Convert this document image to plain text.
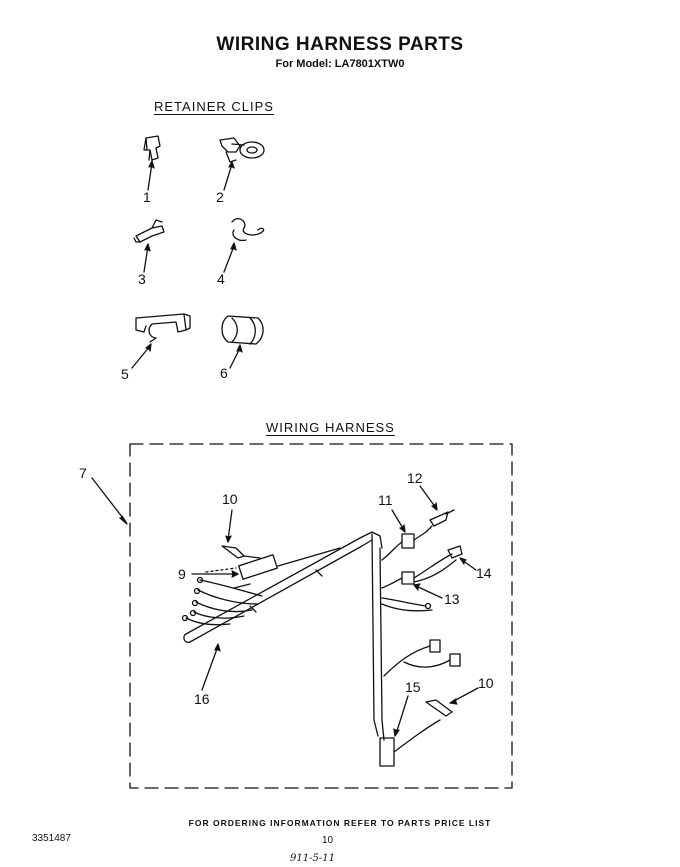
WIRING HARNESS PARTS
For Model: LA7801XTW0
RETAINER CLIPS
WIRING HARNESS
1	2
3	4
5	6
7
9
10	11
12
13
14
15	10
16
FOR ORDERING INFORMATION REFER TO PARTS PRICE LIST
3351487	10
911-5-11
